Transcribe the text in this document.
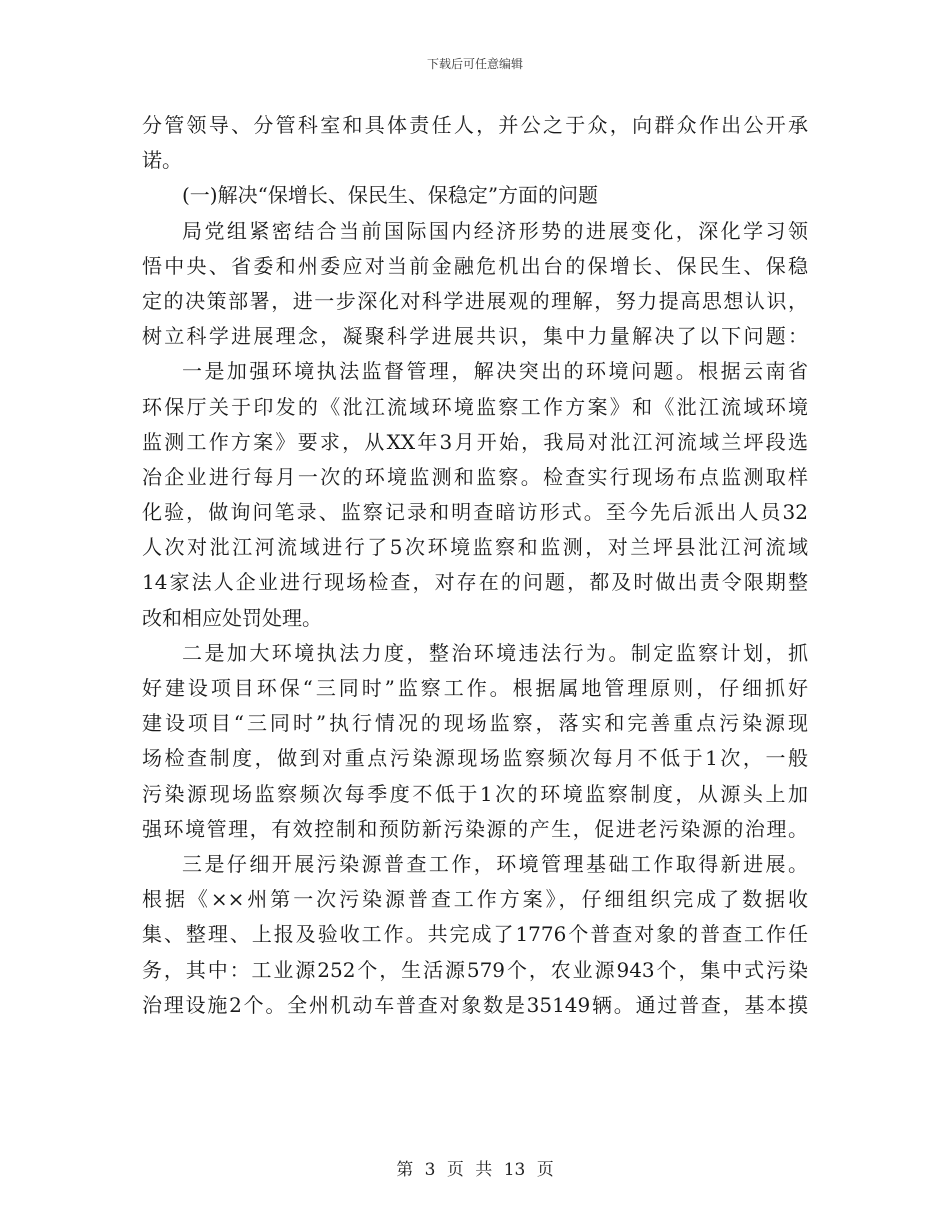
下载后可任意编辑
分管领导、分管科室和具体责任人，并公之于众，向群众作出公开承
诺。
(一)解决“保增长、保民生、保稳定”方面的问题
局党组紧密结合当前国际国内经济形势的进展变化，深化学习领
悟中央、省委和州委应对当前金融危机出台的保增长、保民生、保稳
定的决策部署，进一步深化对科学进展观的理解，努力提高思想认识，
树立科学进展理念，凝聚科学进展共识，集中力量解决了以下问题：
一是加强环境执法监督管理，解决突出的环境问题。根据云南省
环保厅关于印发的《沘江流域环境监察工作方案》和《沘江流域环境
监测工作方案》要求，从XX年3月开始，我局对沘江河流域兰坪段选
冶企业进行每月一次的环境监测和监察。检查实行现场布点监测取样
化验，做询问笔录、监察记录和明查暗访形式。至今先后派出人员32
人次对沘江河流域进行了5次环境监察和监测，对兰坪县沘江河流域
14家法人企业进行现场检查，对存在的问题，都及时做出责令限期整
改和相应处罚处理。
二是加大环境执法力度，整治环境违法行为。制定监察计划，抓
好建设项目环保“三同时”监察工作。根据属地管理原则，仔细抓好
建设项目“三同时”执行情况的现场监察，落实和完善重点污染源现
场检查制度，做到对重点污染源现场监察频次每月不低于1次，一般
污染源现场监察频次每季度不低于1次的环境监察制度，从源头上加
强环境管理，有效控制和预防新污染源的产生，促进老污染源的治理。
三是仔细开展污染源普查工作，环境管理基础工作取得新进展。
根据《××州第一次污染源普查工作方案》，仔细组织完成了数据收
集、整理、上报及验收工作。共完成了1776个普查对象的普查工作任
务，其中：工业源252个，生活源579个，农业源943个，集中式污染
治理设施2个。全州机动车普查对象数是35149辆。通过普查，基本摸
第 3 页 共 13 页
